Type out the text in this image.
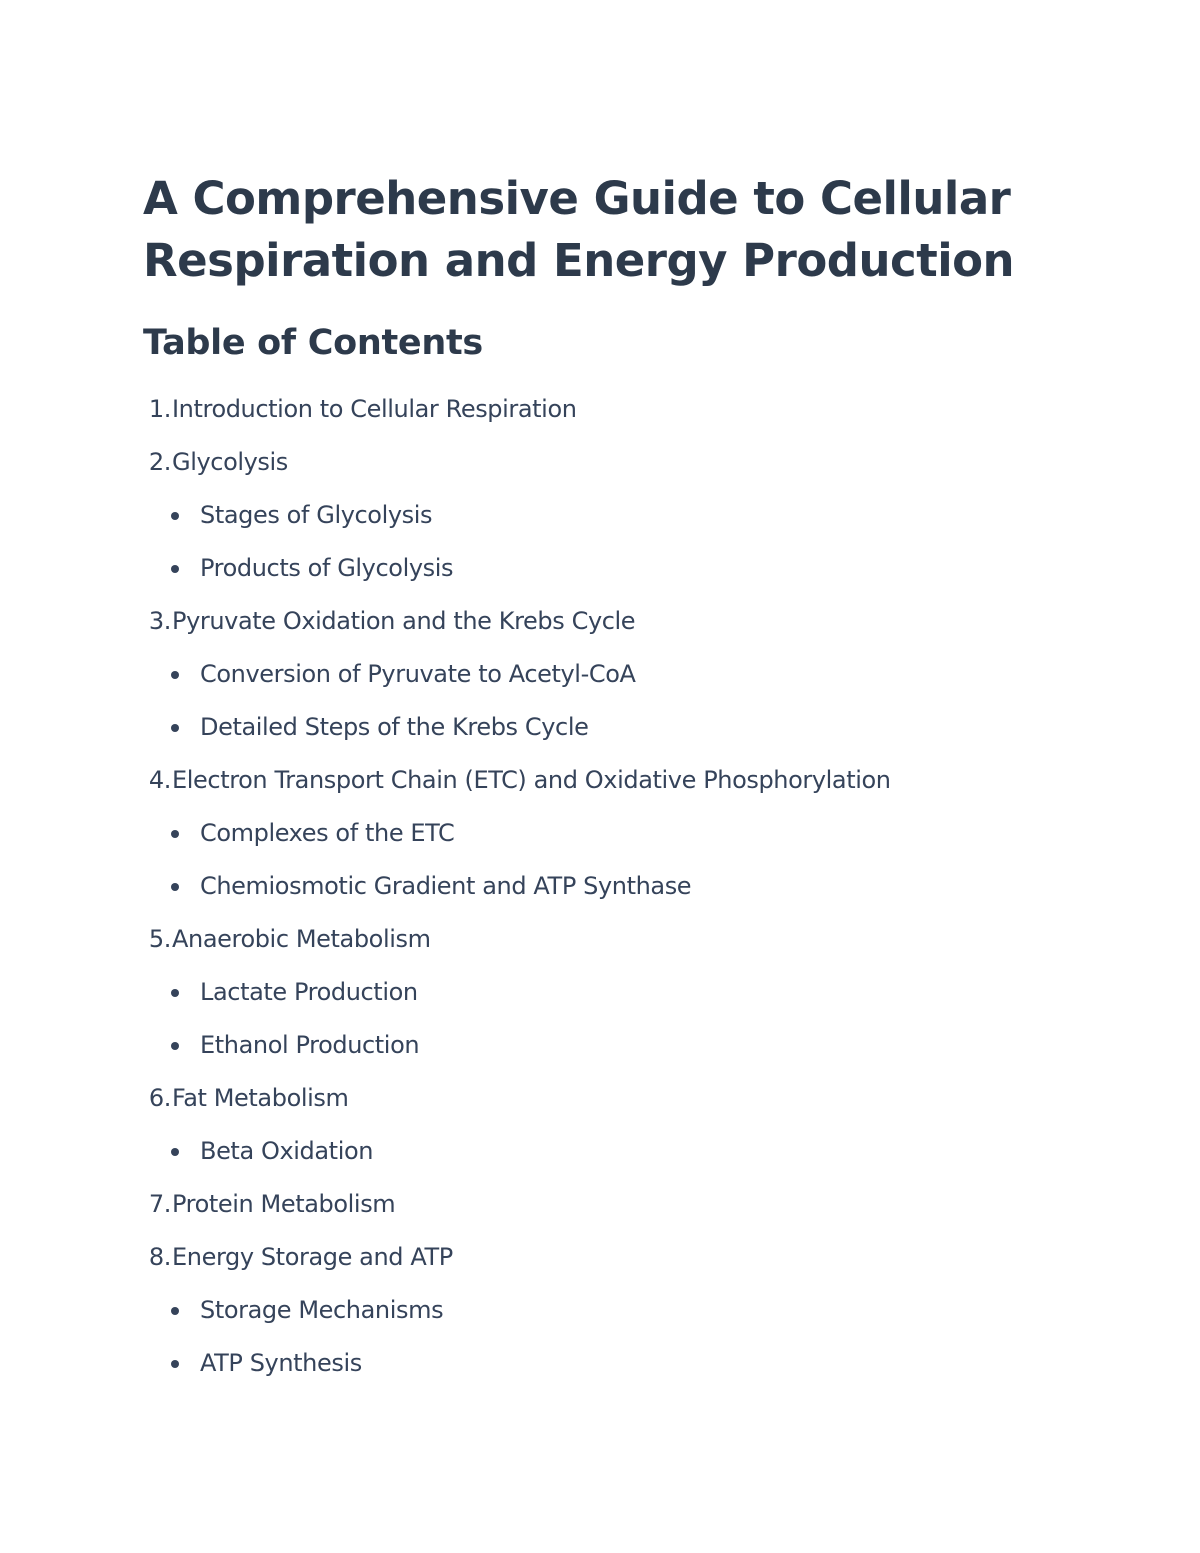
A Comprehensive Guide to Cellular
Respiration and Energy Production
Table of Contents
1. Introduction to Cellular Respiration
2. Glycolysis
Stages of Glycolysis
Products of Glycolysis
3. Pyruvate Oxidation and the Krebs Cycle
Conversion of Pyruvate to Acetyl-CoA
Detailed Steps of the Krebs Cycle
4. Electron Transport Chain (ETC) and Oxidative Phosphorylation
Complexes of the ETC
Chemiosmotic Gradient and ATP Synthase
5. Anaerobic Metabolism
Lactate Production
Ethanol Production
6. Fat Metabolism
Beta Oxidation
7. Protein Metabolism
8. Energy Storage and ATP
Storage Mechanisms
ATP Synthesis
